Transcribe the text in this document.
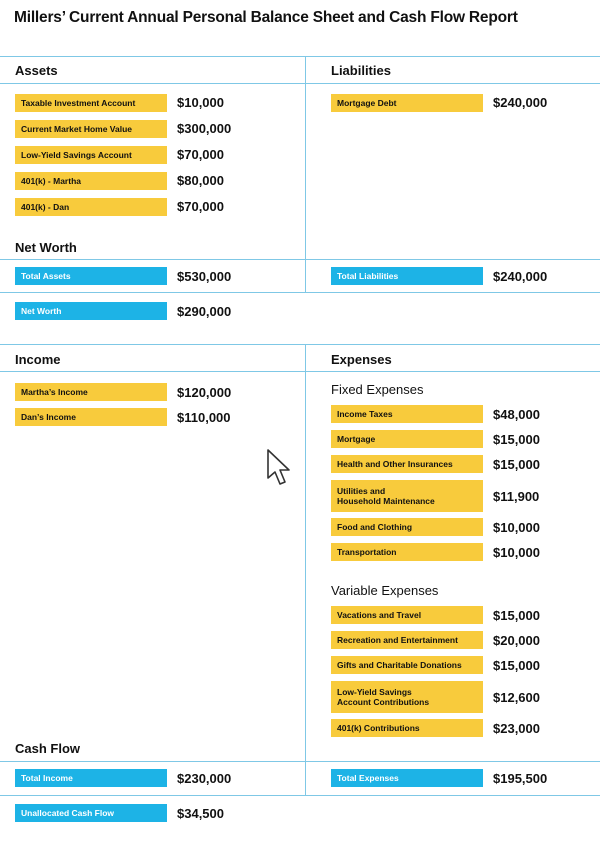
Millers’ Current Annual Personal Balance Sheet and Cash Flow Report
Assets
Taxable Investment Account	$10,000
Current Market Home Value	$300,000
Low-Yield Savings Account	$70,000
401(k) - Martha	$80,000
401(k) - Dan	$70,000
Liabilities
Mortgage Debt	$240,000
Net Worth
Total Assets	$530,000	Total Liabilities	$240,000
Net Worth	$290,000
Income
Martha’s Income	$120,000
Dan’s Income	$110,000
Expenses
Fixed Expenses
Income Taxes	$48,000
Mortgage	$15,000
Health and Other Insurances	$15,000
Utilities and
Household Maintenance	$11,900
Food and Clothing	$10,000
Transportation	$10,000
Variable Expenses
Vacations and Travel	$15,000
Recreation and Entertainment	$20,000
Gifts and Charitable Donations	$15,000
Low-Yield Savings
Account Contributions	$12,600
401(k) Contributions	$23,000
Cash Flow
Total Income	$230,000	Total Expenses	$195,500
Unallocated Cash Flow	$34,500
